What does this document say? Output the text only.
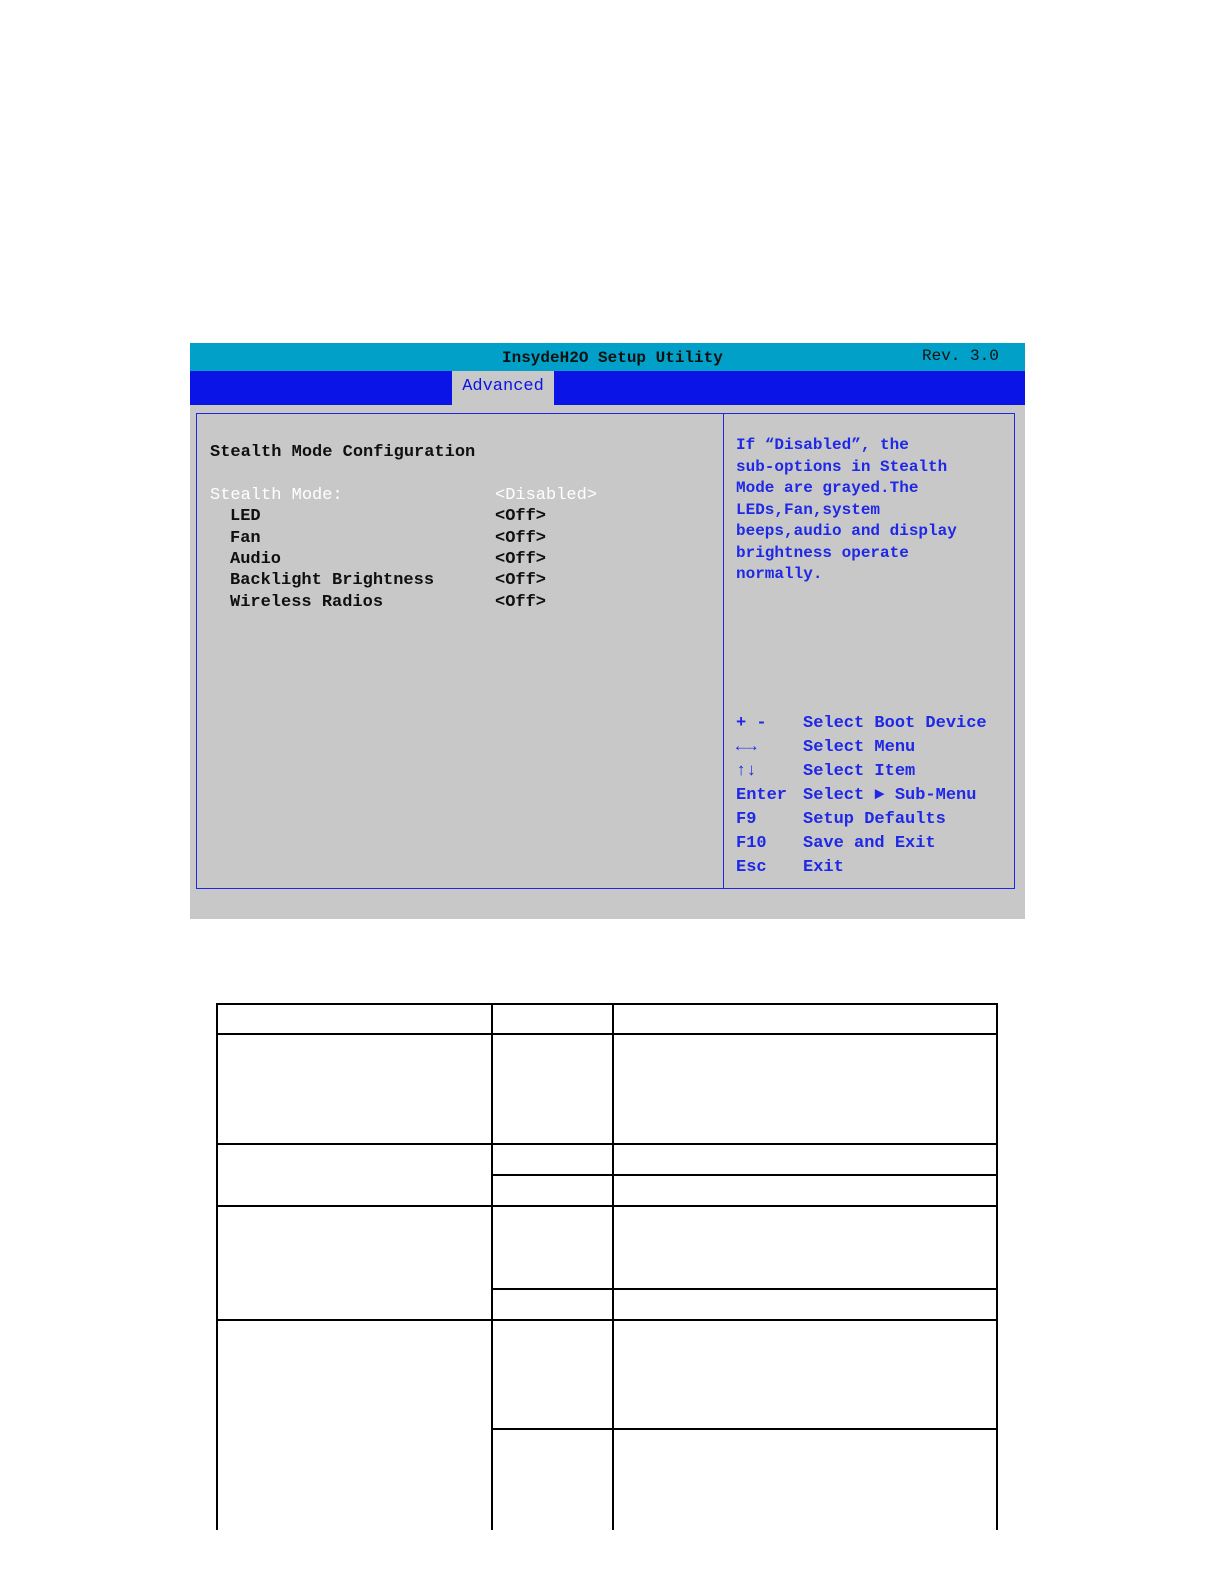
InsydeH2O Setup Utility	Rev. 3.0
Advanced
Stealth Mode Configuration
Stealth Mode:	<Disabled>
LED	<Off>
Fan	<Off>
Audio	<Off>
Backlight Brightness	<Off>
Wireless Radios	<Off>

If “Disabled”, the

sub-options in Stealth

Mode are grayed.The

LEDs,Fan,system

beeps,audio and display

brightness operate

normally.

+ - Select Boot Device
←→	Select Menu
↑↓	Select Item
Enter Select ► Sub-Menu
F9	Setup Defaults
F10 Save and Exit
Esc Exit
